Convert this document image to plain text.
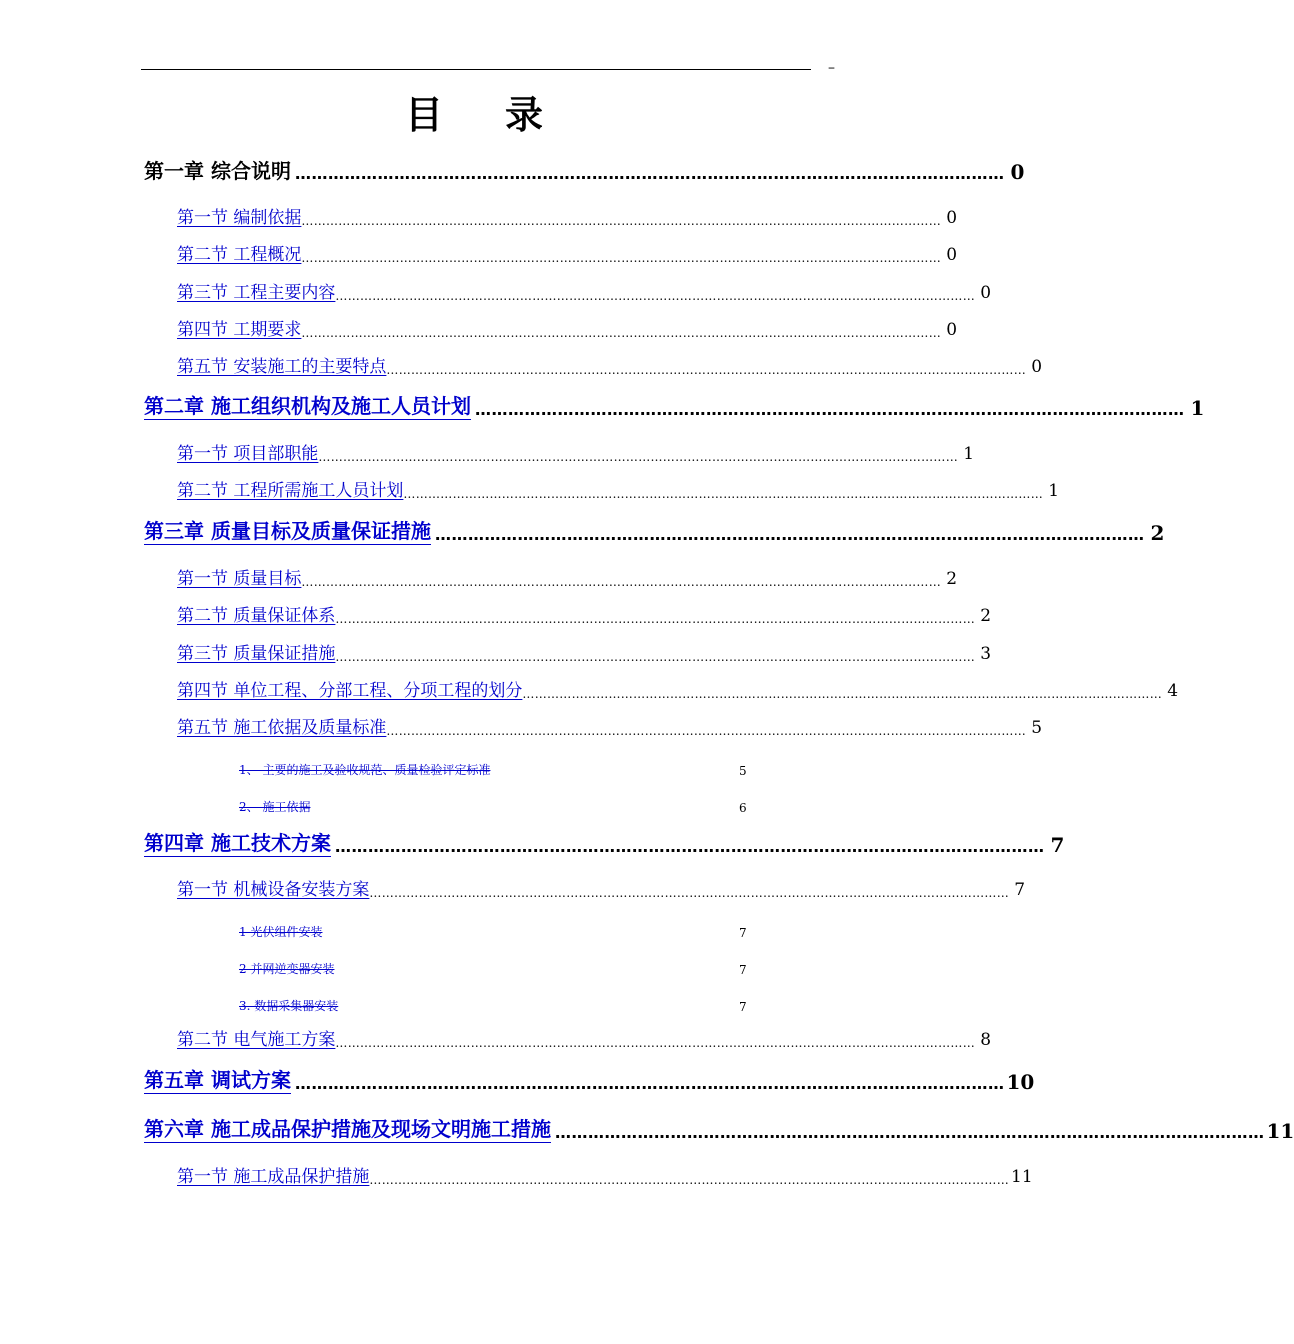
–
目 录
第一章 综合说明 ………………………………………………………………………………………………………………… 0
第一节 编制依据 ………………………………………………………………………………………………………………………………………… 0
第二节 工程概况 ………………………………………………………………………………………………………………………………………… 0
第三节 工程主要内容 ………………………………………………………………………………………………………………………………………… 0
第四节 工期要求 ………………………………………………………………………………………………………………………………………… 0
第五节 安装施工的主要特点 ………………………………………………………………………………………………………………………………………… 0
第二章 施工组织机构及施工人员计划 ………………………………………………………………………………………………………………… 1
第一节 项目部职能 ………………………………………………………………………………………………………………………………………… 1
第二节 工程所需施工人员计划 ………………………………………………………………………………………………………………………………………… 1
第三章 质量目标及质量保证措施 ………………………………………………………………………………………………………………… 2
第一节 质量目标 ………………………………………………………………………………………………………………………………………… 2
第二节 质量保证体系 ………………………………………………………………………………………………………………………………………… 2
第三节 质量保证措施 ………………………………………………………………………………………………………………………………………… 3
第四节 单位工程、分部工程、分项工程的划分 ………………………………………………………………………………………………………………………………………… 4
第五节 施工依据及质量标准 ………………………………………………………………………………………………………………………………………… 5
1、 主要的施工及验收规范、质量检验评定标准	5
2、 施工依据	6
第四章 施工技术方案 ………………………………………………………………………………………………………………… 7
第一节 机械设备安装方案 ………………………………………………………………………………………………………………………………………… 7
1 光伏组件安装	7
2 并网逆变器安装	7
3. 数据采集器安装	7
第二节 电气施工方案 ………………………………………………………………………………………………………………………………………… 8
第五章 调试方案 ………………………………………………………………………………………………………………… 10
第六章 施工成品保护措施及现场文明施工措施 ………………………………………………………………………………………………………………… 11
第一节 施工成品保护措施 ………………………………………………………………………………………………………………………………………… 11
